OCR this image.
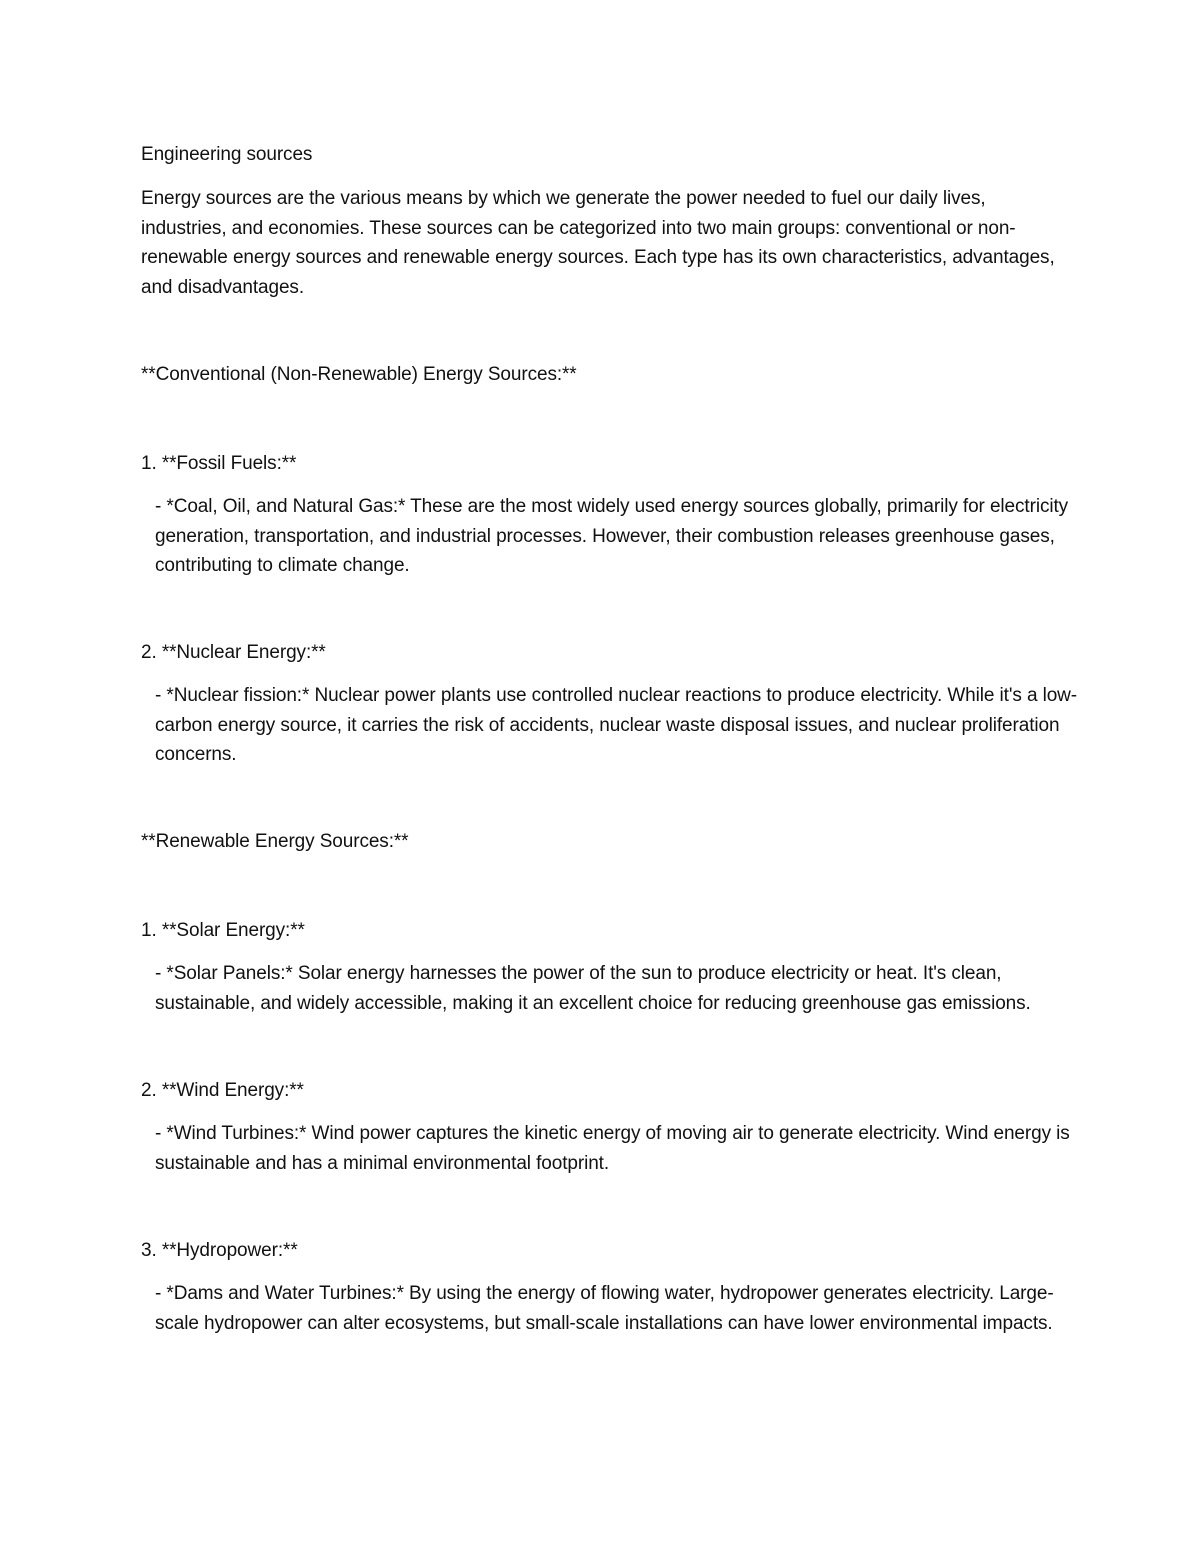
Engineering sources

Energy sources are the various means by which we generate the power needed to fuel our daily lives, industries, and economies. These sources can be categorized into two main groups: conventional or non-renewable energy sources and renewable energy sources. Each type has its own characteristics, advantages, and disadvantages.

**Conventional (Non-Renewable) Energy Sources:**

1. **Fossil Fuels:**

- *Coal, Oil, and Natural Gas:* These are the most widely used energy sources globally, primarily for electricity generation, transportation, and industrial processes. However, their combustion releases greenhouse gases, contributing to climate change.

2. **Nuclear Energy:**

- *Nuclear fission:* Nuclear power plants use controlled nuclear reactions to produce electricity. While it's a low-carbon energy source, it carries the risk of accidents, nuclear waste disposal issues, and nuclear proliferation concerns.

**Renewable Energy Sources:**

1. **Solar Energy:**

- *Solar Panels:* Solar energy harnesses the power of the sun to produce electricity or heat. It's clean, sustainable, and widely accessible, making it an excellent choice for reducing greenhouse gas emissions.

2. **Wind Energy:**

- *Wind Turbines:* Wind power captures the kinetic energy of moving air to generate electricity. Wind energy is sustainable and has a minimal environmental footprint.

3. **Hydropower:**

- *Dams and Water Turbines:* By using the energy of flowing water, hydropower generates electricity. Large-scale hydropower can alter ecosystems, but small-scale installations can have lower environmental impacts.
